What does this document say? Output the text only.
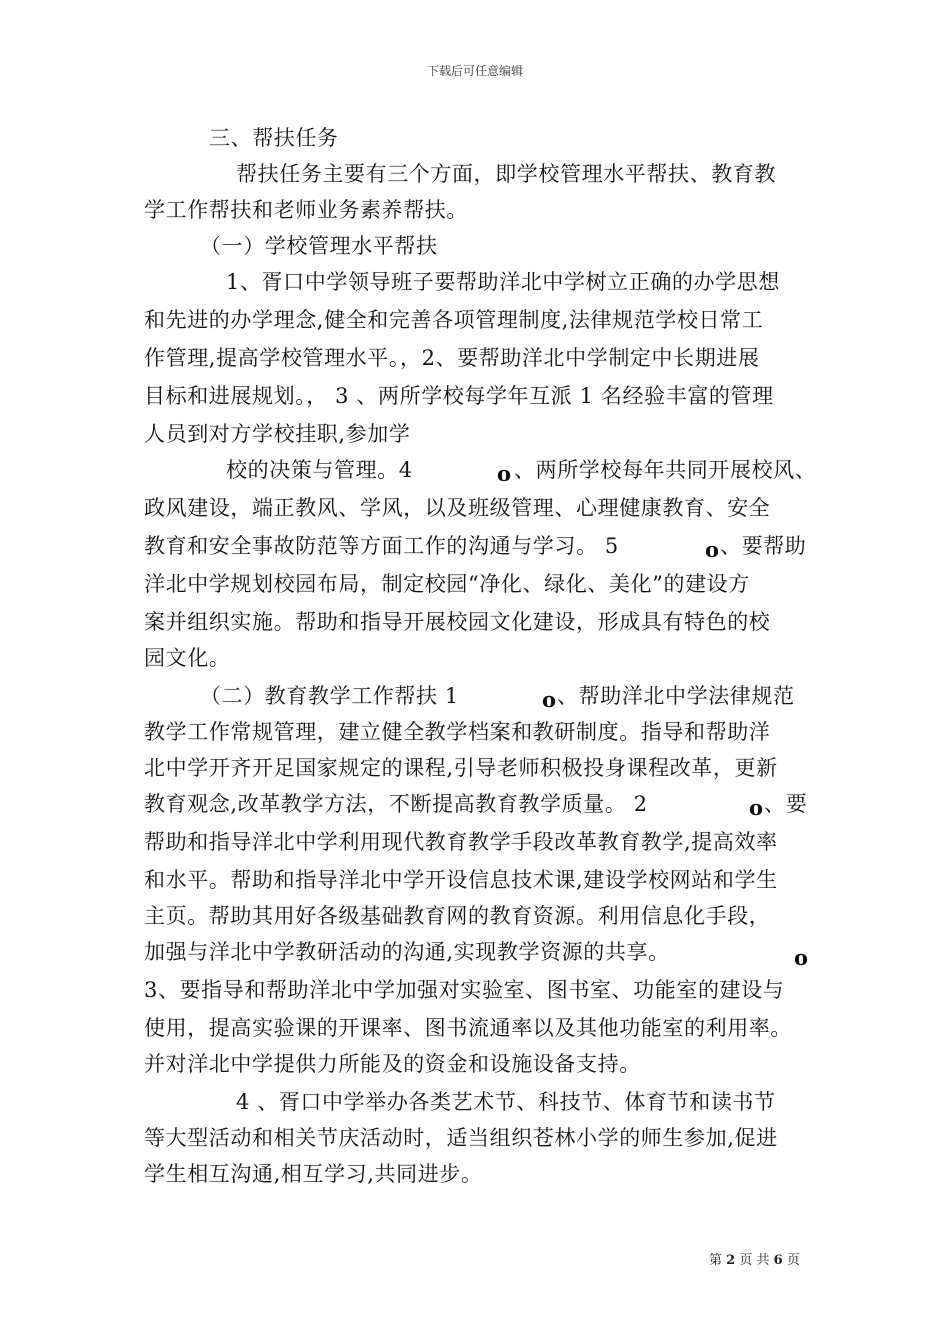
下载后可任意编辑
三、帮扶任务
帮扶任务主要有三个方面，即学校管理水平帮扶、教育教
学工作帮扶和老师业务素养帮扶。
（一）学校管理水平帮扶
1、胥口中学领导班子要帮助洋北中学树立正确的办学思想
和先进的办学理念,健全和完善各项管理制度,法律规范学校日常工
作管理,提高学校管理水平。，2、要帮助洋北中学制定中长期进展
目标和进展规划。， 3 、两所学校每学年互派 1 名经验丰富的管理
人员到对方学校挂职,参加学
校的决策与管理。4	o 、两所学校每年共同开展校风、
政风建设，端正教风、学风，以及班级管理、心理健康教育、安全
教育和安全事故防范等方面工作的沟通与学习。 5	o 、要帮助
洋北中学规划校园布局，制定校园“净化、绿化、美化”的建设方
案并组织实施。帮助和指导开展校园文化建设，形成具有特色的校
园文化。
（二）教育教学工作帮扶 1	o 、帮助洋北中学法律规范
教学工作常规管理，建立健全教学档案和教研制度。指导和帮助洋
北中学开齐开足国家规定的课程,引导老师积极投身课程改革，更新
教育观念,改革教学方法，不断提高教育教学质量。 2	o 、要
帮助和指导洋北中学利用现代教育教学手段改革教育教学,提高效率
和水平。帮助和指导洋北中学开设信息技术课,建设学校网站和学生
主页。帮助其用好各级基础教育网的教育资源。利用信息化手段，
加强与洋北中学教研活动的沟通,实现教学资源的共享。	o
3、要指导和帮助洋北中学加强对实验室、图书室、功能室的建设与
使用，提高实验课的开课率、图书流通率以及其他功能室的利用率。
并对洋北中学提供力所能及的资金和设施设备支持。
4 、胥口中学举办各类艺术节、科技节、体育节和读书节
等大型活动和相关节庆活动时，适当组织苍林小学的师生参加,促进
学生相互沟通,相互学习,共同进步。
第 2 页 共 6 页
